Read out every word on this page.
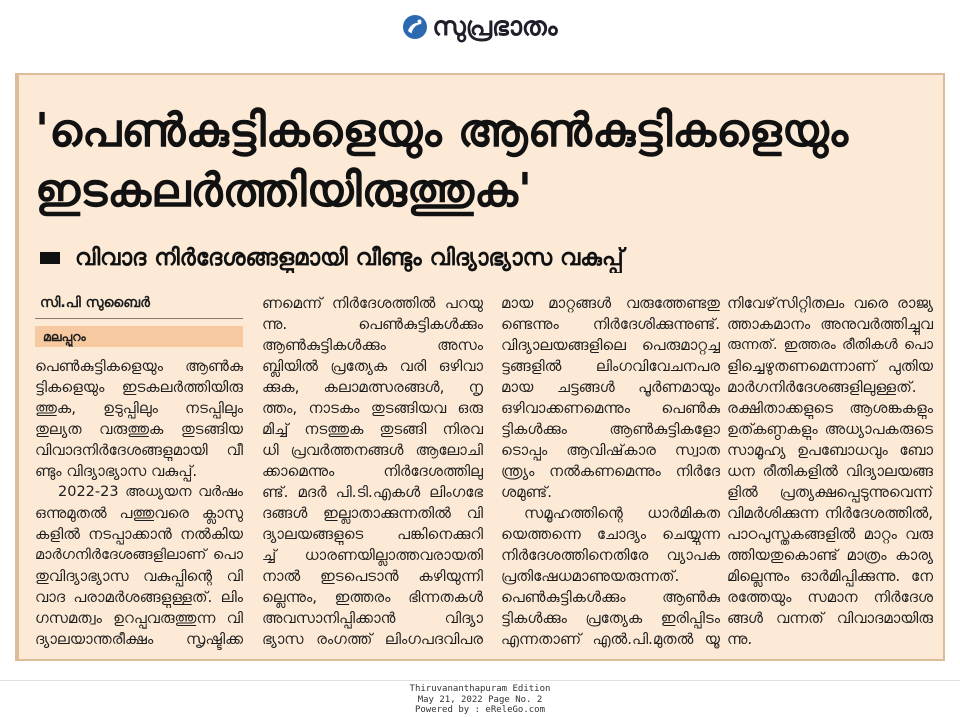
സുപ്രഭാതം
'പെൺകുട്ടികളെയും ആൺകുട്ടികളെയും
ഇടകലർത്തിയിരുത്തുക'
വിവാദ നിർദേശങ്ങളുമായി വീണ്ടും വിദ്യാഭ്യാസ വകുപ്പ്
സി.പി സുബൈർ
മലപ്പുറം
പെൺകുട്ടികളെയും ആൺകു
ട്ടികളെയും ഇടകലർത്തിയിരു
ത്തുക, ഉടുപ്പിലും നടപ്പിലും
തുല്യത വരുത്തുക തുടങ്ങിയ
വിവാദനിർദേശങ്ങളുമായി വീ
ണ്ടും വിദ്യാഭ്യാസ വകുപ്പ്.
2022-23 അധ്യയന വർഷം
ഒന്നുമുതൽ പത്തുവരെ ക്ലാസു
കളിൽ നടപ്പാക്കാൻ നൽകിയ
മാർഗനിർദേശങ്ങളിലാണ് പൊ
തുവിദ്യാഭ്യാസ വകുപ്പിന്റെ വി
വാദ പരാമർശങ്ങളുള്ളത്. ലിം
ഗസമത്വം ഉറപ്പുവരുത്തുന്ന വി
ദ്യാലയാന്തരീക്ഷം സൃഷ്ടിക്ക
ണമെന്ന് നിർദേശത്തിൽ പറയു
ന്നു. പെൺകുട്ടികൾക്കും
ആൺകുട്ടികൾക്കും അസം
ബ്ലിയിൽ പ്രത്യേക വരി ഒഴിവാ
ക്കുക, കലാമത്സരങ്ങൾ, നൃ
ത്തം, നാടകം തുടങ്ങിയവ ഒരു
മിച്ച് നടത്തുക തുടങ്ങി നിരവ
ധി പ്രവർത്തനങ്ങൾ ആലോചി
ക്കാമെന്നും നിർദേശത്തിലു
ണ്ട്. മദർ പി.ടി.എകൾ ലിംഗഭേ
ദങ്ങൾ ഇല്ലാതാക്കുന്നതിൽ വി
ദ്യാലയങ്ങളുടെ പങ്കിനെക്കുറി
ച്ച് ധാരണയില്ലാത്തവരായതി
നാൽ ഇടപെടാൻ കഴിയുന്നി
ല്ലെന്നും, ഇത്തരം ഭിന്നതകൾ
അവസാനിപ്പിക്കാൻ വിദ്യാ
ഭ്യാസ രംഗത്ത് ലിംഗപദവിപര
മായ മാറ്റങ്ങൾ വരുത്തേണ്ടതു
ണ്ടെന്നും നിർദേശിക്കുന്നുണ്ട്.
വിദ്യാലയങ്ങളിലെ പെരുമാറ്റച്ച
ട്ടങ്ങളിൽ ലിംഗവിവേചനപര
മായ ചട്ടങ്ങൾ പൂർണമായും
ഒഴിവാക്കണമെന്നും പെൺകു
ട്ടികൾക്കും ആൺകുട്ടികളോ
ടൊപ്പം ആവിഷ്‌കാര സ്വാത
ന്ത്ര്യം നൽകണമെന്നും നിർദേ
ശമുണ്ട്.
സമൂഹത്തിന്റെ ധാർമികത
യെത്തന്നെ ചോദ്യം ചെയ്യുന്ന
നിർദേശത്തിനെതിരേ വ്യാപക
പ്രതിഷേധമാണുയരുന്നത്.
പെൺകുട്ടികൾക്കും ആൺകു
ട്ടികൾക്കും പ്രത്യേക ഇരിപ്പിടം
എന്നതാണ് എൽ.പി.മുതൽ യൂ
നിവേഴ്‌സിറ്റിതലം വരെ രാജ്യ
ത്താകമാനം അനുവർത്തിച്ചുവ
രുന്നത്. ഇത്തരം രീതികൾ പൊ
ളിച്ചെഴുതണമെന്നാണ് പുതിയ
മാർഗനിർദേശങ്ങളിലുള്ളത്.
രക്ഷിതാക്കളുടെ ആശങ്കകളും
ഉത്കണ്ഠകളും അധ്യാപകരുടെ
സാമൂഹ്യ ഉപബോധവും ബോ
ധന രീതികളിൽ വിദ്യാലയങ്ങ
ളിൽ പ്രത്യക്ഷപ്പെടുന്നുവെന്ന്
വിമർശിക്കുന്ന നിർദേശത്തിൽ,
പാഠപുസ്തകങ്ങളിൽ മാറ്റം വരു
ത്തിയതുകൊണ്ട് മാത്രം കാര്യ
മില്ലെന്നും ഓർമിപ്പിക്കുന്നു. നേ
രത്തേയും സമാന നിർദേശ
ങ്ങൾ വന്നത് വിവാദമായിരു
ന്നു.
Thiruvananthapuram Edition
May 21, 2022 Page No. 2
Powered by : eReleGo.com
